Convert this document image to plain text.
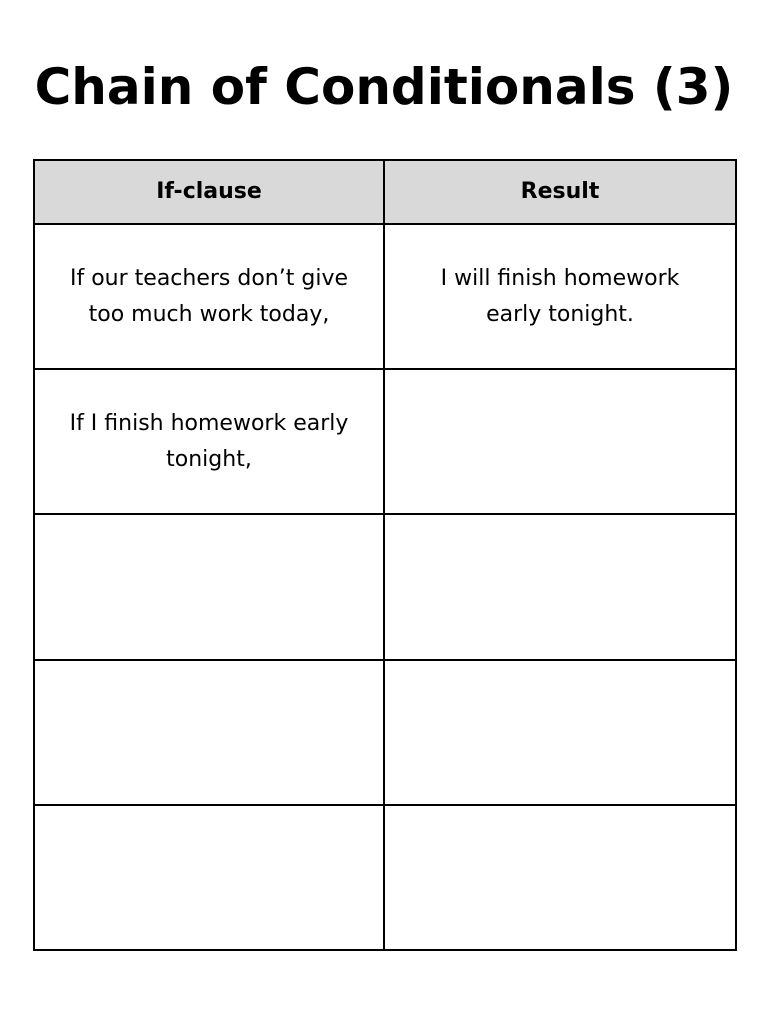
Chain of Conditionals (3)
If-clause	Result
If our teachers don’t give too much work today,	I will finish homework early tonight.
If I finish homework early tonight,	
